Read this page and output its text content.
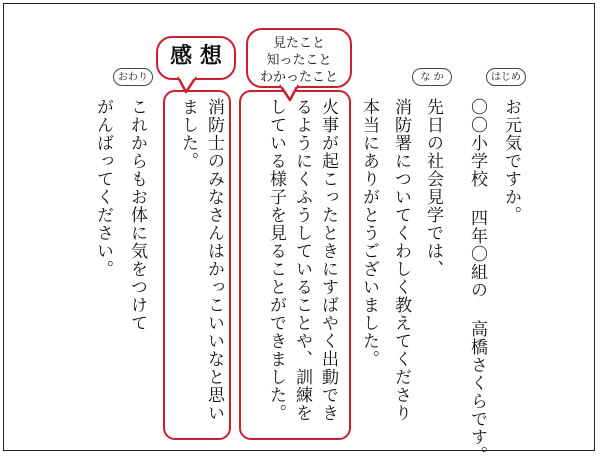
はじめ
な か
おわり
お元気ですか。
〇〇小学校 四年〇組の 高橋さくらです。
先日の社会見学では、
消防署についてくわしく教えてくださり
本当にありがとうございました。
火事が起こったときにすばやく出動できるようにくふうしていることや、訓練をしている様子を見ることができました。
消防士のみなさんはかっこいいなと思いました。
これからもお体に気をつけて
がんばってください。
感 想
見たこと
知ったこと
わかったこと
